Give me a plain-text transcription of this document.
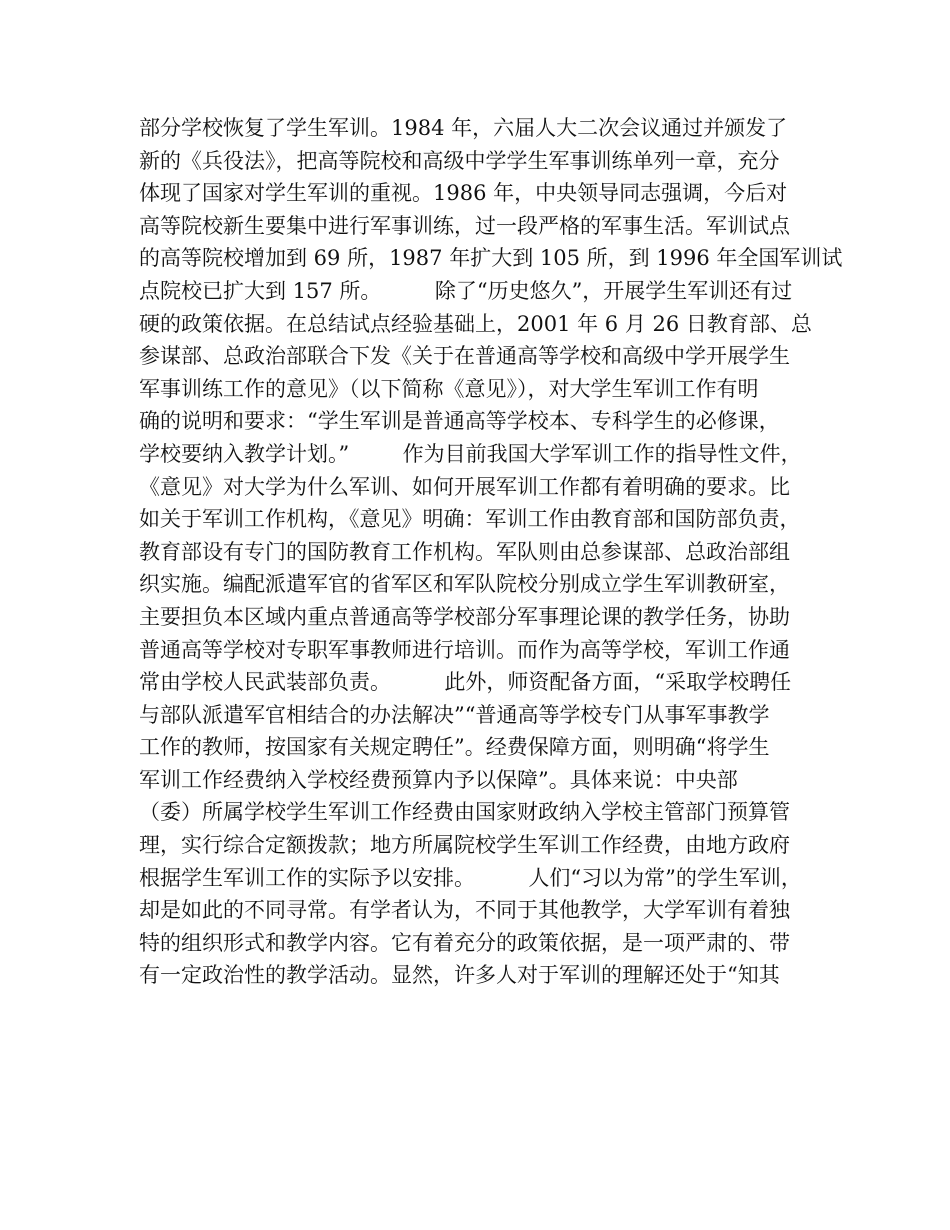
部分学校恢复了学生军训。1984 年，六届人大二次会议通过并颁发了
新的《兵役法》，把高等院校和高级中学学生军事训练单列一章，充分
体现了国家对学生军训的重视。1986 年，中央领导同志强调，今后对
高等院校新生要集中进行军事训练，过一段严格的军事生活。军训试点
的高等院校增加到 69 所，1987 年扩大到 105 所，到 1996 年全国军训试
点院校已扩大到 157 所。        除了“历史悠久”，开展学生军训还有过
硬的政策依据。在总结试点经验基础上，2001 年 6 月 26 日教育部、总
参谋部、总政治部联合下发《关于在普通高等学校和高级中学开展学生
军事训练工作的意见》（以下简称《意见》），对大学生军训工作有明
确的说明和要求：“学生军训是普通高等学校本、专科学生的必修课，
学校要纳入教学计划。”        作为目前我国大学军训工作的指导性文件，
《意见》对大学为什么军训、如何开展军训工作都有着明确的要求。比
如关于军训工作机构，《意见》明确：军训工作由教育部和国防部负责，
教育部设有专门的国防教育工作机构。军队则由总参谋部、总政治部组
织实施。编配派遣军官的省军区和军队院校分别成立学生军训教研室，
主要担负本区域内重点普通高等学校部分军事理论课的教学任务，协助
普通高等学校对专职军事教师进行培训。而作为高等学校，军训工作通
常由学校人民武装部负责。        此外，师资配备方面，“采取学校聘任
与部队派遣军官相结合的办法解决”“普通高等学校专门从事军事教学
工作的教师，按国家有关规定聘任”。经费保障方面，则明确“将学生
军训工作经费纳入学校经费预算内予以保障”。具体来说：中央部
（委）所属学校学生军训工作经费由国家财政纳入学校主管部门预算管
理，实行综合定额拨款；地方所属院校学生军训工作经费，由地方政府
根据学生军训工作的实际予以安排。        人们“习以为常”的学生军训，
却是如此的不同寻常。有学者认为，不同于其他教学，大学军训有着独
特的组织形式和教学内容。它有着充分的政策依据，是一项严肃的、带
有一定政治性的教学活动。显然，许多人对于军训的理解还处于“知其
